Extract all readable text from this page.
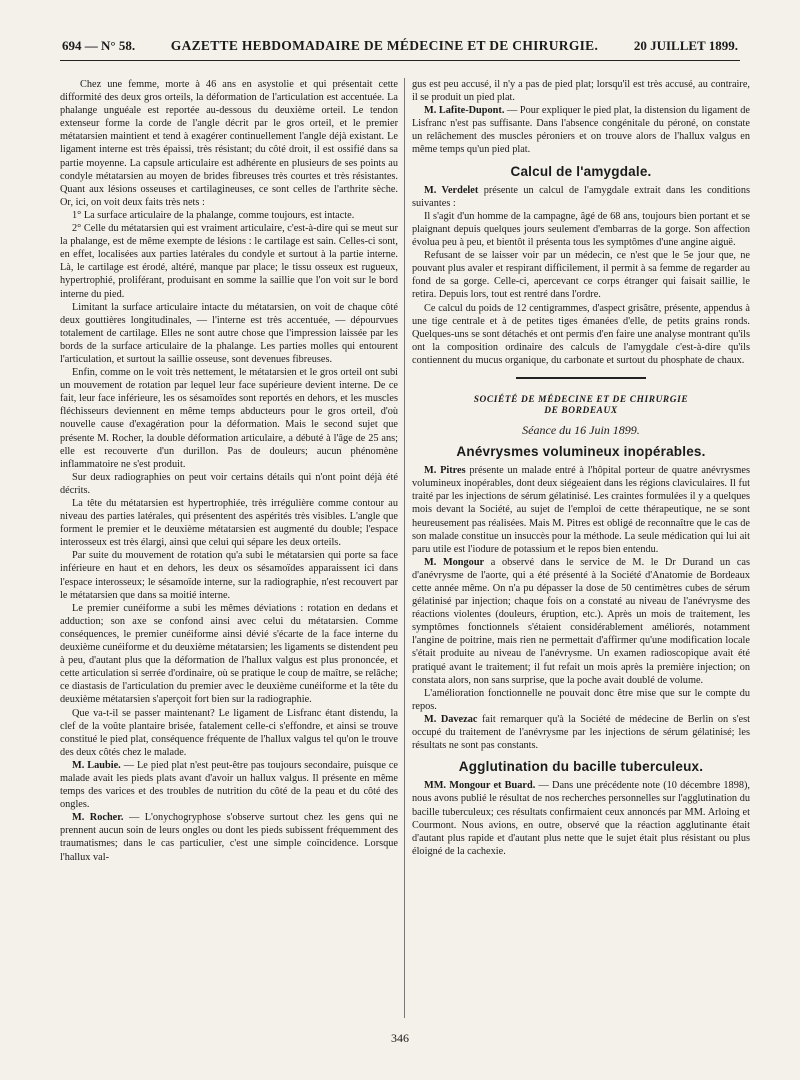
694 — N° 58.	GAZETTE HEBDOMADAIRE DE MÉDECINE ET DE CHIRURGIE.	20 JUILLET 1899.

Chez une femme, morte à 46 ans en asystolie et qui présentait cette difformité des deux gros orteils, la déformation de l'articulation est accentuée. La phalange unguéale est reportée au-dessous du deuxième orteil. Le tendon extenseur forme la corde de l'angle décrit par le gros orteil, et le premier métatarsien maintient et tend à exagérer continuellement l'angle déjà existant. Le ligament interne est très épaissi, très résistant; du côté droit, il est ossifié dans sa partie moyenne. La capsule articulaire est adhérente en plusieurs de ses points au condyle métatarsien au moyen de brides fibreuses très courtes et très résistantes. Quant aux lésions osseuses et cartilagineuses, ce sont celles de l'arthrite sèche. Or, ici, on voit deux faits très nets :

1° La surface articulaire de la phalange, comme toujours, est intacte.

2° Celle du métatarsien qui est vraiment articulaire, c'est-à-dire qui se meut sur la phalange, est de même exempte de lésions : le cartilage est sain. Celles-ci sont, en effet, localisées aux parties latérales du condyle et surtout à la partie interne. Là, le cartilage est érodé, altéré, manque par place; le tissu osseux est rugueux, hypertrophié, proliférant, produisant en somme la saillie que l'on voit sur le bord interne du pied.

Limitant la surface articulaire intacte du métatarsien, on voit de chaque côté deux gouttières longitudinales, — l'interne est très accentuée, — dépourvues totalement de cartilage. Elles ne sont autre chose que l'impression laissée par les bords de la surface articulaire de la phalange. Les parties molles qui entourent l'articulation, et surtout la saillie osseuse, sont devenues fibreuses.

Enfin, comme on le voit très nettement, le métatarsien et le gros orteil ont subi un mouvement de rotation par lequel leur face supérieure devient interne. De ce fait, leur face inférieure, les os sésamoïdes sont reportés en dehors, et les muscles fléchisseurs deviennent en même temps abducteurs pour le gros orteil, d'où nouvelle cause d'exagération pour la déformation. Mais le second sujet que présente M. Rocher, la double déformation articulaire, a débuté à l'âge de 25 ans; elle est recouverte d'un durillon. Pas de douleurs; aucun phénomène inflammatoire ne s'est produit.

Sur deux radiographies on peut voir certains détails qui n'ont point déjà été décrits.

La tête du métatarsien est hypertrophiée, très irrégulière comme contour au niveau des parties latérales, qui présentent des aspérités très visibles. L'angle que forment le premier et le deuxième métatarsien est augmenté du double; l'espace interosseux est très élargi, ainsi que celui qui sépare les deux orteils.

Par suite du mouvement de rotation qu'a subi le métatarsien qui porte sa face inférieure en haut et en dehors, les deux os sésamoïdes apparaissent ici dans l'espace interosseux; le sésamoïde interne, sur la radiographie, n'est recouvert par le métatarsien que dans sa moitié interne.

Le premier cunéiforme a subi les mêmes déviations : rotation en dedans et adduction; son axe se confond ainsi avec celui du métatarsien. Comme conséquences, le premier cunéiforme ainsi dévié s'écarte de la face interne du deuxième cunéiforme et du deuxième métatarsien; les ligaments se distendent peu à peu, d'autant plus que la déformation de l'hallux valgus est plus prononcée, et cette articulation si serrée d'ordinaire, où se pratique le coup de maître, se relâche; ce diastasis de l'articulation du premier avec le deuxième cunéiforme et la tête du deuxième métatarsien s'aperçoit fort bien sur la radiographie.

Que va-t-il se passer maintenant? Le ligament de Lisfranc étant distendu, la clef de la voûte plantaire brisée, fatalement celle-ci s'effondre, et ainsi se trouve constitué le pied plat, conséquence fréquente de l'hallux valgus tel qu'on le trouve des deux côtés chez le malade.

M. Laubie. — Le pied plat n'est peut-être pas toujours secondaire, puisque ce malade avait les pieds plats avant d'avoir un hallux valgus. Il présente en même temps des varices et des troubles de nutrition du côté de la peau et du côté des ongles.

M. Rocher. — L'onychogryphose s'observe surtout chez les gens qui ne prennent aucun soin de leurs ongles ou dont les pieds subissent fréquemment des traumatismes; dans le cas particulier, c'est une simple coïncidence. Lorsque l'hallux val-

gus est peu accusé, il n'y a pas de pied plat; lorsqu'il est très accusé, au contraire, il se produit un pied plat.

M. Lafite-Dupont. — Pour expliquer le pied plat, la distension du ligament de Lisfranc n'est pas suffisante. Dans l'absence congénitale du péroné, on constate un relâchement des muscles péroniers et on trouve alors de l'hallux valgus en même temps qu'un pied plat.

Calcul de l'amygdale.

M. Verdelet présente un calcul de l'amygdale extrait dans les conditions suivantes :

Il s'agit d'un homme de la campagne, âgé de 68 ans, toujours bien portant et se plaignant depuis quelques jours seulement d'embarras de la gorge. Son affection évolua peu à peu, et bientôt il présenta tous les symptômes d'une angine aiguë.

Refusant de se laisser voir par un médecin, ce n'est que le 5e jour que, ne pouvant plus avaler et respirant difficilement, il permit à sa femme de regarder au fond de sa gorge. Celle-ci, apercevant ce corps étranger qui faisait saillie, le retira. Depuis lors, tout est rentré dans l'ordre.

Ce calcul du poids de 12 centigrammes, d'aspect grisâtre, présente, appendus à une tige centrale et à de petites tiges émanées d'elle, de petits grains ronds. Quelques-uns se sont détachés et ont permis d'en faire une analyse montrant qu'ils ont la composition ordinaire des calculs de l'amygdale c'est-à-dire qu'ils contiennent du mucus organique, du carbonate et surtout du phosphate de chaux.

SOCIÉTÉ DE MÉDECINE ET DE CHIRURGIE
DE BORDEAUX
Séance du 16 Juin 1899.
Anévrysmes volumineux inopérables.

M. Pitres présente un malade entré à l'hôpital porteur de quatre anévrysmes volumineux inopérables, dont deux siégeaient dans les régions claviculaires. Il fut traité par les injections de sérum gélatinisé. Les craintes formulées il y a quelques mois devant la Société, au sujet de l'emploi de cette thérapeutique, ne se sont heureusement pas réalisées. Mais M. Pitres est obligé de reconnaître que le cas de son malade constitue un insuccès pour la méthode. La seule médication qui lui ait paru utile est l'iodure de potassium et le repos bien entendu.

M. Mongour a observé dans le service de M. le Dr Durand un cas d'anévrysme de l'aorte, qui a été présenté à la Société d'Anatomie de Bordeaux cette année même. On n'a pu dépasser la dose de 50 centimètres cubes de sérum gélatinisé par injection; chaque fois on a constaté au niveau de l'anévrysme des réactions violentes (douleurs, éruption, etc.). Après un mois de traitement, les symptômes fonctionnels s'étaient considérablement améliorés, notamment l'angine de poitrine, mais rien ne permettait d'affirmer qu'une modification locale s'était produite au niveau de l'anévrysme. Un examen radioscopique avait été pratiqué avant le traitement; il fut refait un mois après la première injection; on constata alors, non sans surprise, que la poche avait doublé de volume.

L'amélioration fonctionnelle ne pouvait donc être mise que sur le compte du repos.

M. Davezac fait remarquer qu'à la Société de médecine de Berlin on s'est occupé du traitement de l'anévrysme par les injections de sérum gélatinisé; les résultats ne sont pas constants.

Agglutination du bacille tuberculeux.

MM. Mongour et Buard. — Dans une précédente note (10 décembre 1898), nous avons publié le résultat de nos recherches personnelles sur l'agglutination du bacille tuberculeux; ces résultats confirmaient ceux annoncés par MM. Arloing et Courmont. Nous avions, en outre, observé que la réaction agglutinante était d'autant plus rapide et d'autant plus nette que le sujet était plus résistant ou plus éloigné de la cachexie.

346
